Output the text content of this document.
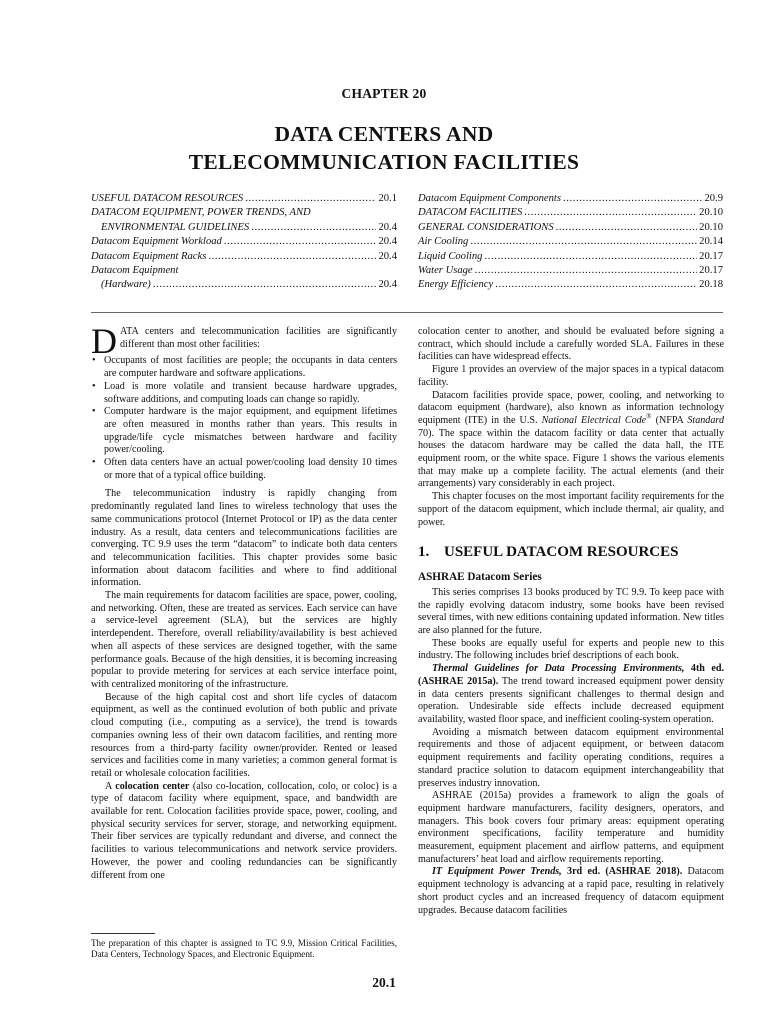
CHAPTER 20
DATA CENTERS AND
TELECOMMUNICATION FACILITIES
USEFUL DATACOM RESOURCES .....	20.1
DATACOM EQUIPMENT, POWER TRENDS, AND
ENVIRONMENTAL GUIDELINES .....	20.4
Datacom Equipment Workload .....	20.4
Datacom Equipment Racks .....	20.4
Datacom Equipment
(Hardware) .....	20.4
Datacom Equipment Components .....	20.9
DATACOM FACILITIES .....	20.10
GENERAL CONSIDERATIONS .....	20.10
Air Cooling .....	20.14
Liquid Cooling .....	20.17
Water Usage .....	20.17
Energy Efficiency .....	20.18

DATA centers and telecommunication facilities are significantly different than most other facilities:

• Occupants of most facilities are people; the occupants in data centers are computer hardware and software applications.
• Load is more volatile and transient because hardware upgrades, software additions, and computing loads can change so rapidly.
• Computer hardware is the major equipment, and equipment lifetimes are often measured in months rather than years. This results in upgrade/life cycle mismatches between hardware and facility power/cooling.
• Often data centers have an actual power/cooling load density 10 times or more that of a typical office building.

The telecommunication industry is rapidly changing from predominantly regulated land lines to wireless technology that uses the same communications protocol (Internet Protocol or IP) as the data center industry. As a result, data centers and telecommunications facilities are converging. TC 9.9 uses the term “datacom” to indicate both data centers and telecommunication facilities. This chapter provides some basic information about datacom facilities and where to find additional information.

The main requirements for datacom facilities are space, power, cooling, and networking. Often, these are treated as services. Each service can have a service-level agreement (SLA), but the services are highly interdependent. Therefore, overall reliability/availability is best achieved when all aspects of these services are designed together, with the same performance goals. Because of the high densities, it is becoming increasing popular to provide metering for services at each service interface point, with centralized monitoring of the infrastructure.

Because of the high capital cost and short life cycles of datacom equipment, as well as the continued evolution of both public and private cloud computing (i.e., computing as a service), the trend is towards companies owning less of their own datacom facilities, and renting more resources from a third-party facility owner/provider. Rented or leased services and facilities come in many varieties; a common general format is retail or wholesale colocation facilities.

A colocation center (also co-location, collocation, colo, or coloc) is a type of datacom facility where equipment, space, and bandwidth are available for rent. Colocation facilities provide space, power, cooling, and physical security services for server, storage, and networking equipment. Their fiber services are typically redundant and diverse, and connect the facilities to various telecommunications and network service providers. However, the power and cooling redundancies can be significantly different from one

colocation center to another, and should be evaluated before signing a contract, which should include a carefully worded SLA. Failures in these facilities can have widespread effects.

Figure 1 provides an overview of the major spaces in a typical datacom facility.

Datacom facilities provide space, power, cooling, and networking to datacom equipment (hardware), also known as information technology equipment (ITE) in the U.S. National Electrical Code® (NFPA Standard 70). The space within the datacom facility or data center that actually houses the datacom hardware may be called the data hall, the ITE equipment room, or the white space. Figure 1 shows the various elements that may make up a complete facility. The actual elements (and their arrangements) vary considerably in each project.

This chapter focuses on the most important facility requirements for the support of the datacom equipment, which include thermal, air quality, and power.

1. USEFUL DATACOM RESOURCES
ASHRAE Datacom Series

This series comprises 13 books produced by TC 9.9. To keep pace with the rapidly evolving datacom industry, some books have been revised several times, with new editions containing updated information. New titles are also planned for the future.

These books are equally useful for experts and people new to this industry. The following includes brief descriptions of each book.

Thermal Guidelines for Data Processing Environments, 4th ed. (ASHRAE 2015a). The trend toward increased equipment power density in data centers presents significant challenges to thermal design and operation. Undesirable side effects include decreased equipment availability, wasted floor space, and inefficient cooling-system operation.

Avoiding a mismatch between datacom equipment environmental requirements and those of adjacent equipment, or between datacom equipment requirements and facility operating conditions, requires a standard practice solution to datacom equipment interchangeability that preserves industry innovation.

ASHRAE (2015a) provides a framework to align the goals of equipment hardware manufacturers, facility designers, operators, and managers. This book covers four primary areas: equipment operating environment specifications, facility temperature and humidity measurement, equipment placement and airflow patterns, and equipment manufacturers’ heat load and airflow requirements reporting.

IT Equipment Power Trends, 3rd ed. (ASHRAE 2018). Datacom equipment technology is advancing at a rapid pace, resulting in relatively short product cycles and an increased frequency of datacom equipment upgrades. Because datacom facilities

The preparation of this chapter is assigned to TC 9.9, Mission Critical Facilities, Data Centers, Technology Spaces, and Electronic Equipment.
20.1
